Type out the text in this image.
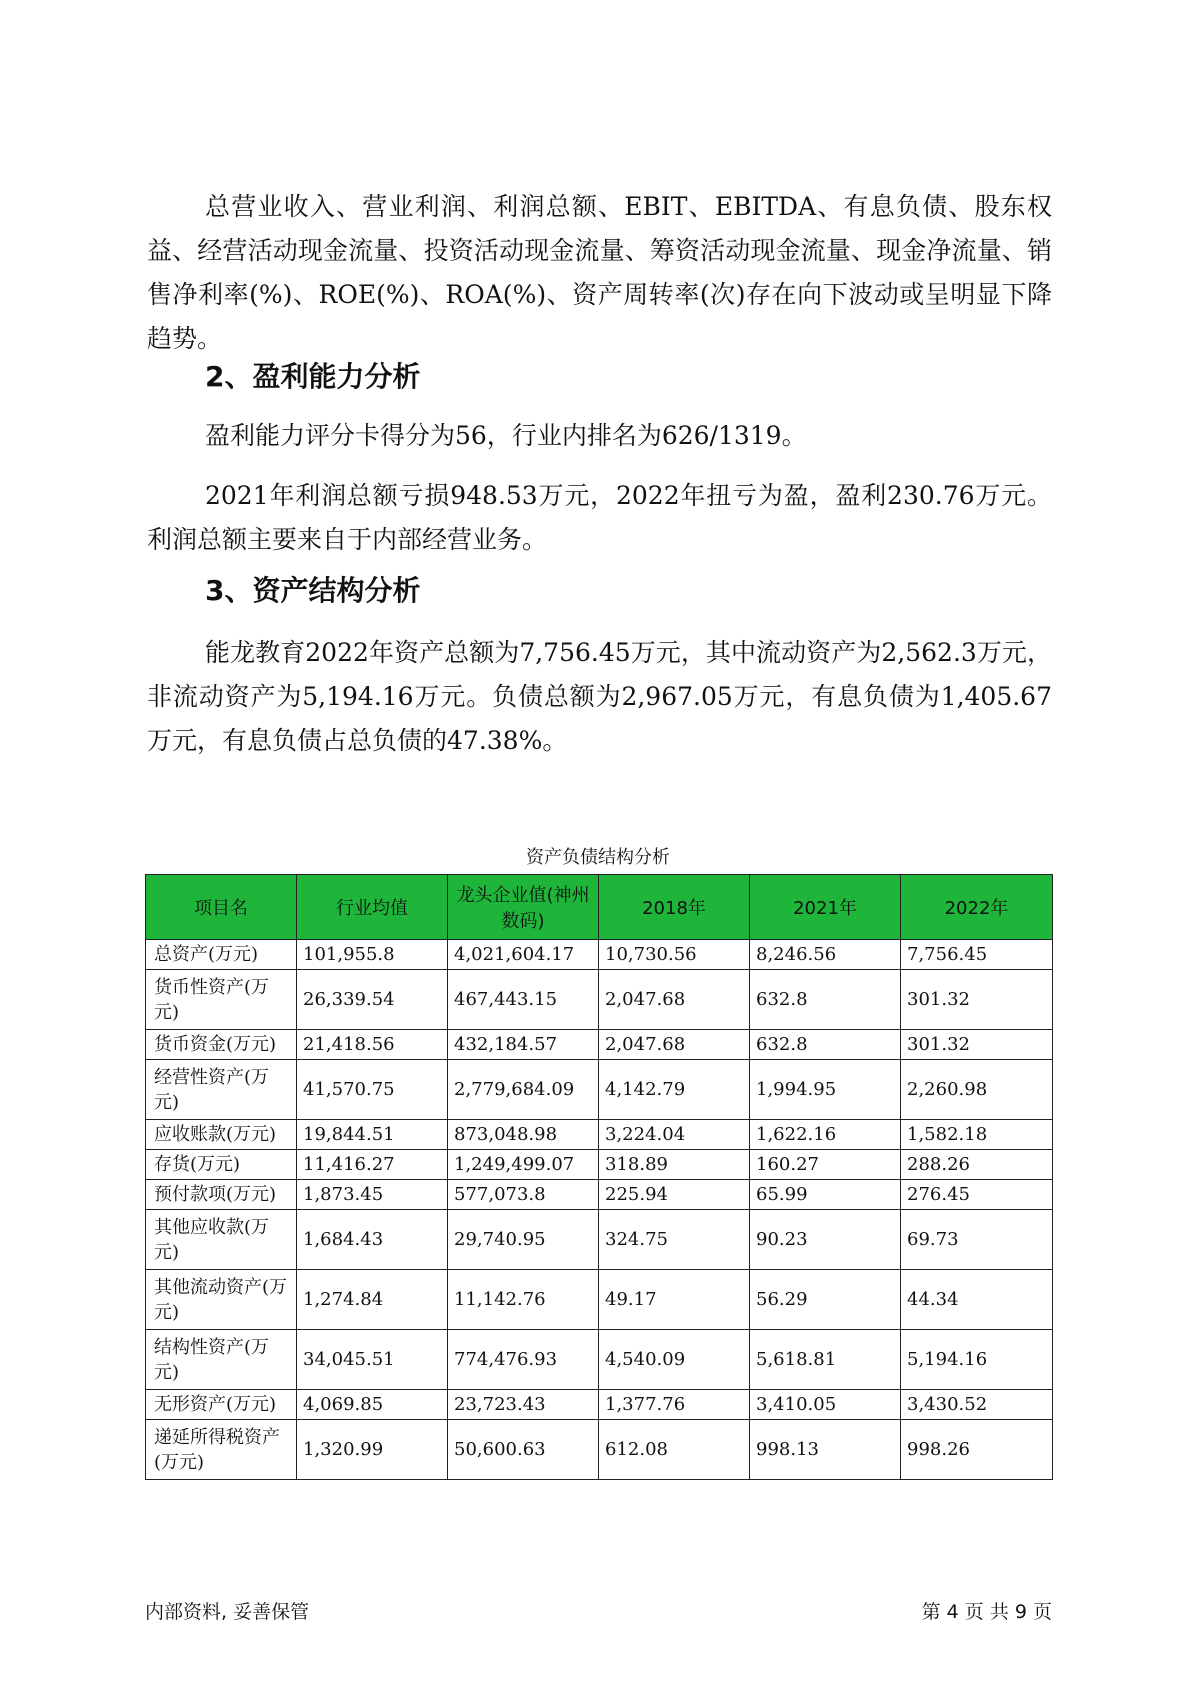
总营业收入、营业利润、利润总额、EBIT、EBITDA、有息负债、股东权益、经营活动现金流量、投资活动现金流量、筹资活动现金流量、现金净流量、销售净利率(%)、ROE(%)、ROA(%)、资产周转率(次)存在向下波动或呈明显下降趋势。

2、盈利能力分析

盈利能力评分卡得分为56，行业内排名为626/1319。

2021年利润总额亏损948.53万元，2022年扭亏为盈，盈利230.76万元。利润总额主要来自于内部经营业务。

3、资产结构分析

能龙教育2022年资产总额为7,756.45万元，其中流动资产为2,562.3万元，非流动资产为5,194.16万元。负债总额为2,967.05万元，有息负债为1,405.67万元，有息负债占总负债的47.38%。

资产负债结构分析
项目名	行业均值	龙头企业值(神州数码)	2018年	2021年	2022年
总资产(万元)	101,955.8	4,021,604.17	10,730.56	8,246.56	7,756.45
货币性资产(万元)	26,339.54	467,443.15	2,047.68	632.8	301.32
货币资金(万元)	21,418.56	432,184.57	2,047.68	632.8	301.32
经营性资产(万元)	41,570.75	2,779,684.09	4,142.79	1,994.95	2,260.98
应收账款(万元)	19,844.51	873,048.98	3,224.04	1,622.16	1,582.18
存货(万元)	11,416.27	1,249,499.07	318.89	160.27	288.26
预付款项(万元)	1,873.45	577,073.8	225.94	65.99	276.45
其他应收款(万元)	1,684.43	29,740.95	324.75	90.23	69.73
其他流动资产(万元)	1,274.84	11,142.76	49.17	56.29	44.34
结构性资产(万元)	34,045.51	774,476.93	4,540.09	5,618.81	5,194.16
无形资产(万元)	4,069.85	23,723.43	1,377.76	3,410.05	3,430.52
递延所得税资产(万元)	1,320.99	50,600.63	612.08	998.13	998.26
内部资料, 妥善保管	第 4 页 共 9 页
